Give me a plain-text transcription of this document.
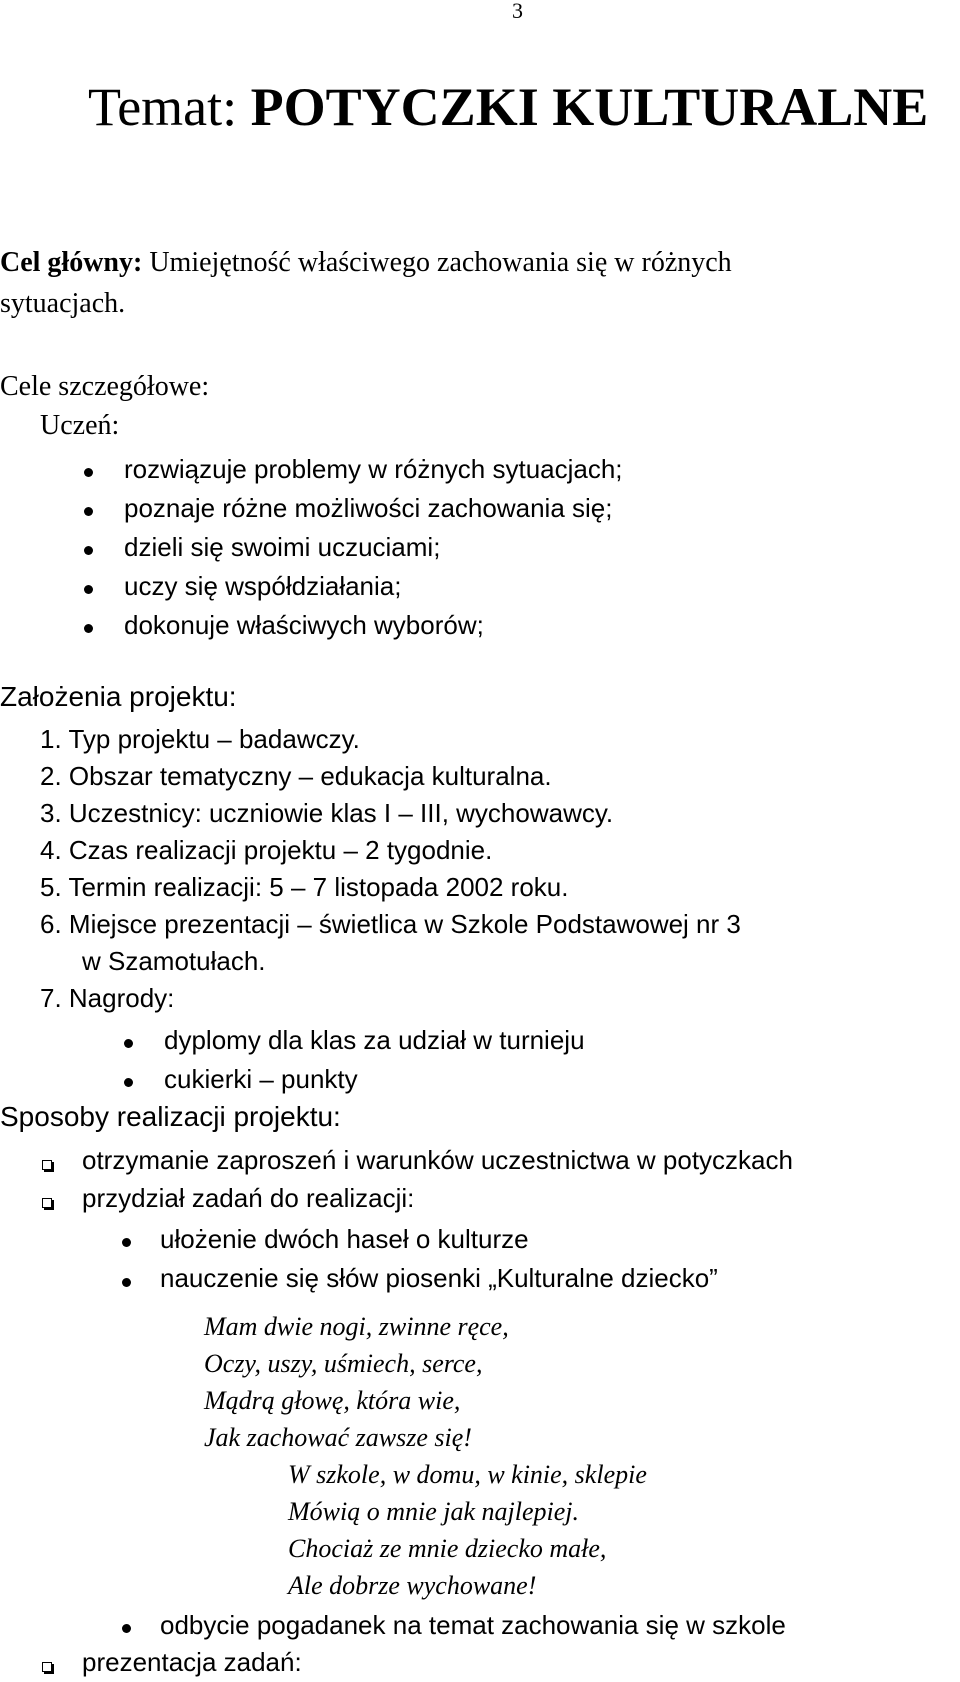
3
Temat: POTYCZKI KULTURALNE
Cel główny: Umiejętność właściwego zachowania się w różnych
sytuacjach.
Cele szczegółowe:
Uczeń:
rozwiązuje problemy w różnych sytuacjach;
poznaje różne możliwości zachowania się;
dzieli się swoimi uczuciami;
uczy się współdziałania;
dokonuje właściwych wyborów;
Założenia projektu:
1. Typ projektu – badawczy.
2. Obszar tematyczny – edukacja kulturalna.
3. Uczestnicy: uczniowie klas I – III, wychowawcy.
4. Czas realizacji projektu – 2 tygodnie.
5. Termin realizacji: 5 – 7 listopada 2002 roku.
6. Miejsce prezentacji – świetlica w Szkole Podstawowej nr 3
w Szamotułach.
7. Nagrody:
dyplomy dla klas za udział w turnieju
cukierki – punkty
Sposoby realizacji projektu:
otrzymanie zaproszeń i warunków uczestnictwa w potyczkach
przydział zadań do realizacji:
ułożenie dwóch haseł o kulturze
nauczenie się słów piosenki „Kulturalne dziecko”
Mam dwie nogi, zwinne ręce,
Oczy, uszy, uśmiech, serce,
Mądrą głowę, która wie,
Jak zachować zawsze się!
W szkole, w domu, w kinie, sklepie
Mówią o mnie jak najlepiej.
Chociaż ze mnie dziecko małe,
Ale dobrze wychowane!
odbycie pogadanek na temat zachowania się w szkole
prezentacja zadań:
